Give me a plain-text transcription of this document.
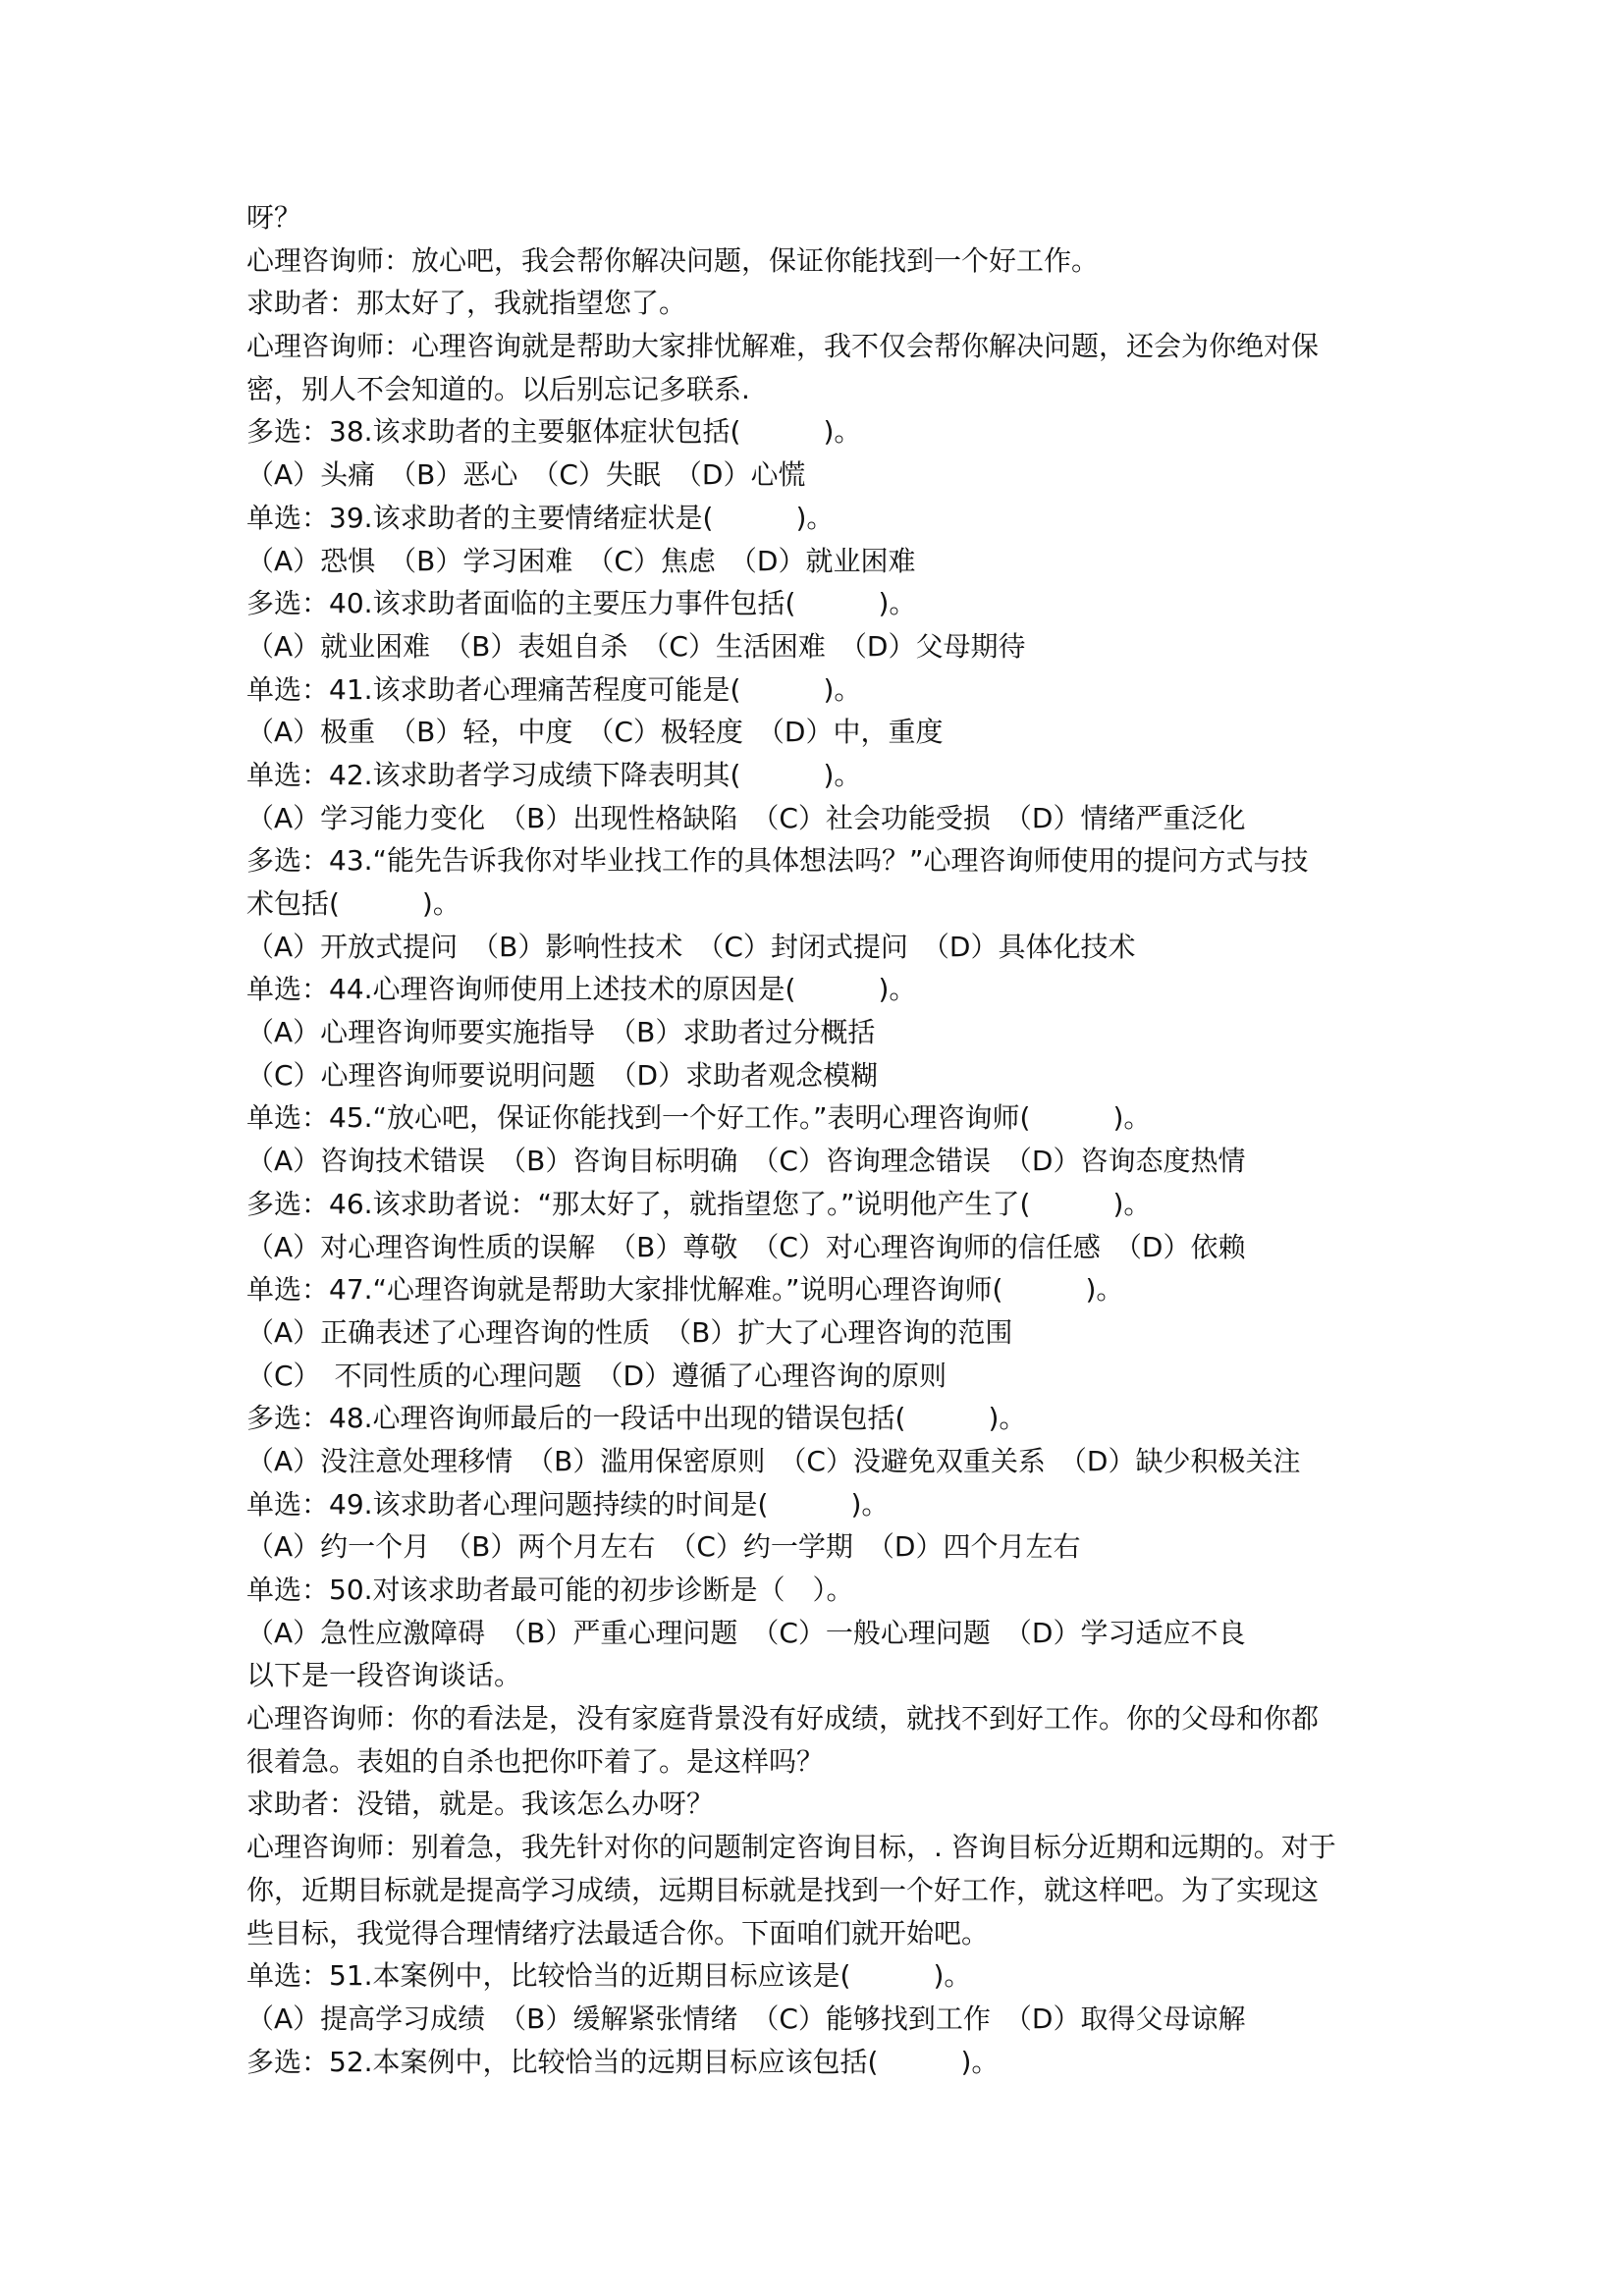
呀？
心理咨询师：放心吧，我会帮你解决问题，保证你能找到一个好工作。
求助者：那太好了，我就指望您了。
心理咨询师：心理咨询就是帮助大家排忧解难，我不仅会帮你解决问题，还会为你绝对保
密，别人不会知道的。以后别忘记多联系.
多选：38.该求助者的主要躯体症状包括(　　　)。
（A）头痛　（B）恶心　（C）失眠　（D）心慌
单选：39.该求助者的主要情绪症状是(　　　)。
（A）恐惧　（B）学习困难　（C）焦虑　（D）就业困难
多选：40.该求助者面临的主要压力事件包括(　　　)。
（A）就业困难　（B）表姐自杀　（C）生活困难　（D）父母期待
单选：41.该求助者心理痛苦程度可能是(　　　)。
（A）极重　（B）轻，中度　（C）极轻度　（D）中，重度
单选：42.该求助者学习成绩下降表明其(　　　)。
（A）学习能力变化　（B）出现性格缺陷　（C）社会功能受损　（D）情绪严重泛化
多选：43.“能先告诉我你对毕业找工作的具体想法吗？”心理咨询师使用的提问方式与技
术包括(　　　)。
（A）开放式提问　（B）影响性技术　（C）封闭式提问　（D）具体化技术
单选：44.心理咨询师使用上述技术的原因是(　　　)。
（A）心理咨询师要实施指导　（B）求助者过分概括
（C）心理咨询师要说明问题　（D）求助者观念模糊
单选：45.“放心吧，保证你能找到一个好工作。”表明心理咨询师(　　　)。
（A）咨询技术错误　（B）咨询目标明确　（C）咨询理念错误　（D）咨询态度热情
多选：46.该求助者说：“那太好了，就指望您了。”说明他产生了(　　　)。
（A）对心理咨询性质的误解　（B）尊敬　（C）对心理咨询师的信任感　（D）依赖
单选：47.“心理咨询就是帮助大家排忧解难。”说明心理咨询师(　　　)。
（A）正确表述了心理咨询的性质　（B）扩大了心理咨询的范围
（C）　不同性质的心理问题　（D）遵循了心理咨询的原则
多选：48.心理咨询师最后的一段话中出现的错误包括(　　　)。
（A）没注意处理移情　（B）滥用保密原则　（C）没避免双重关系　（D）缺少积极关注
单选：49.该求助者心理问题持续的时间是(　　　)。
（A）约一个月　（B）两个月左右　（C）约一学期　（D）四个月左右
单选：50.对该求助者最可能的初步诊断是（　）。
（A）急性应激障碍　（B）严重心理问题　（C）一般心理问题　（D）学习适应不良
以下是一段咨询谈话。
心理咨询师：你的看法是，没有家庭背景没有好成绩，就找不到好工作。你的父母和你都
很着急。表姐的自杀也把你吓着了。是这样吗？
求助者：没错，就是。我该怎么办呀？
心理咨询师：别着急，我先针对你的问题制定咨询目标，. 咨询目标分近期和远期的。对于
你，近期目标就是提高学习成绩，远期目标就是找到一个好工作，就这样吧。为了实现这
些目标，我觉得合理情绪疗法最适合你。下面咱们就开始吧。
单选：51.本案例中，比较恰当的近期目标应该是(　　　)。
（A）提高学习成绩　（B）缓解紧张情绪　（C）能够找到工作　（D）取得父母谅解
多选：52.本案例中，比较恰当的远期目标应该包括(　　　)。
